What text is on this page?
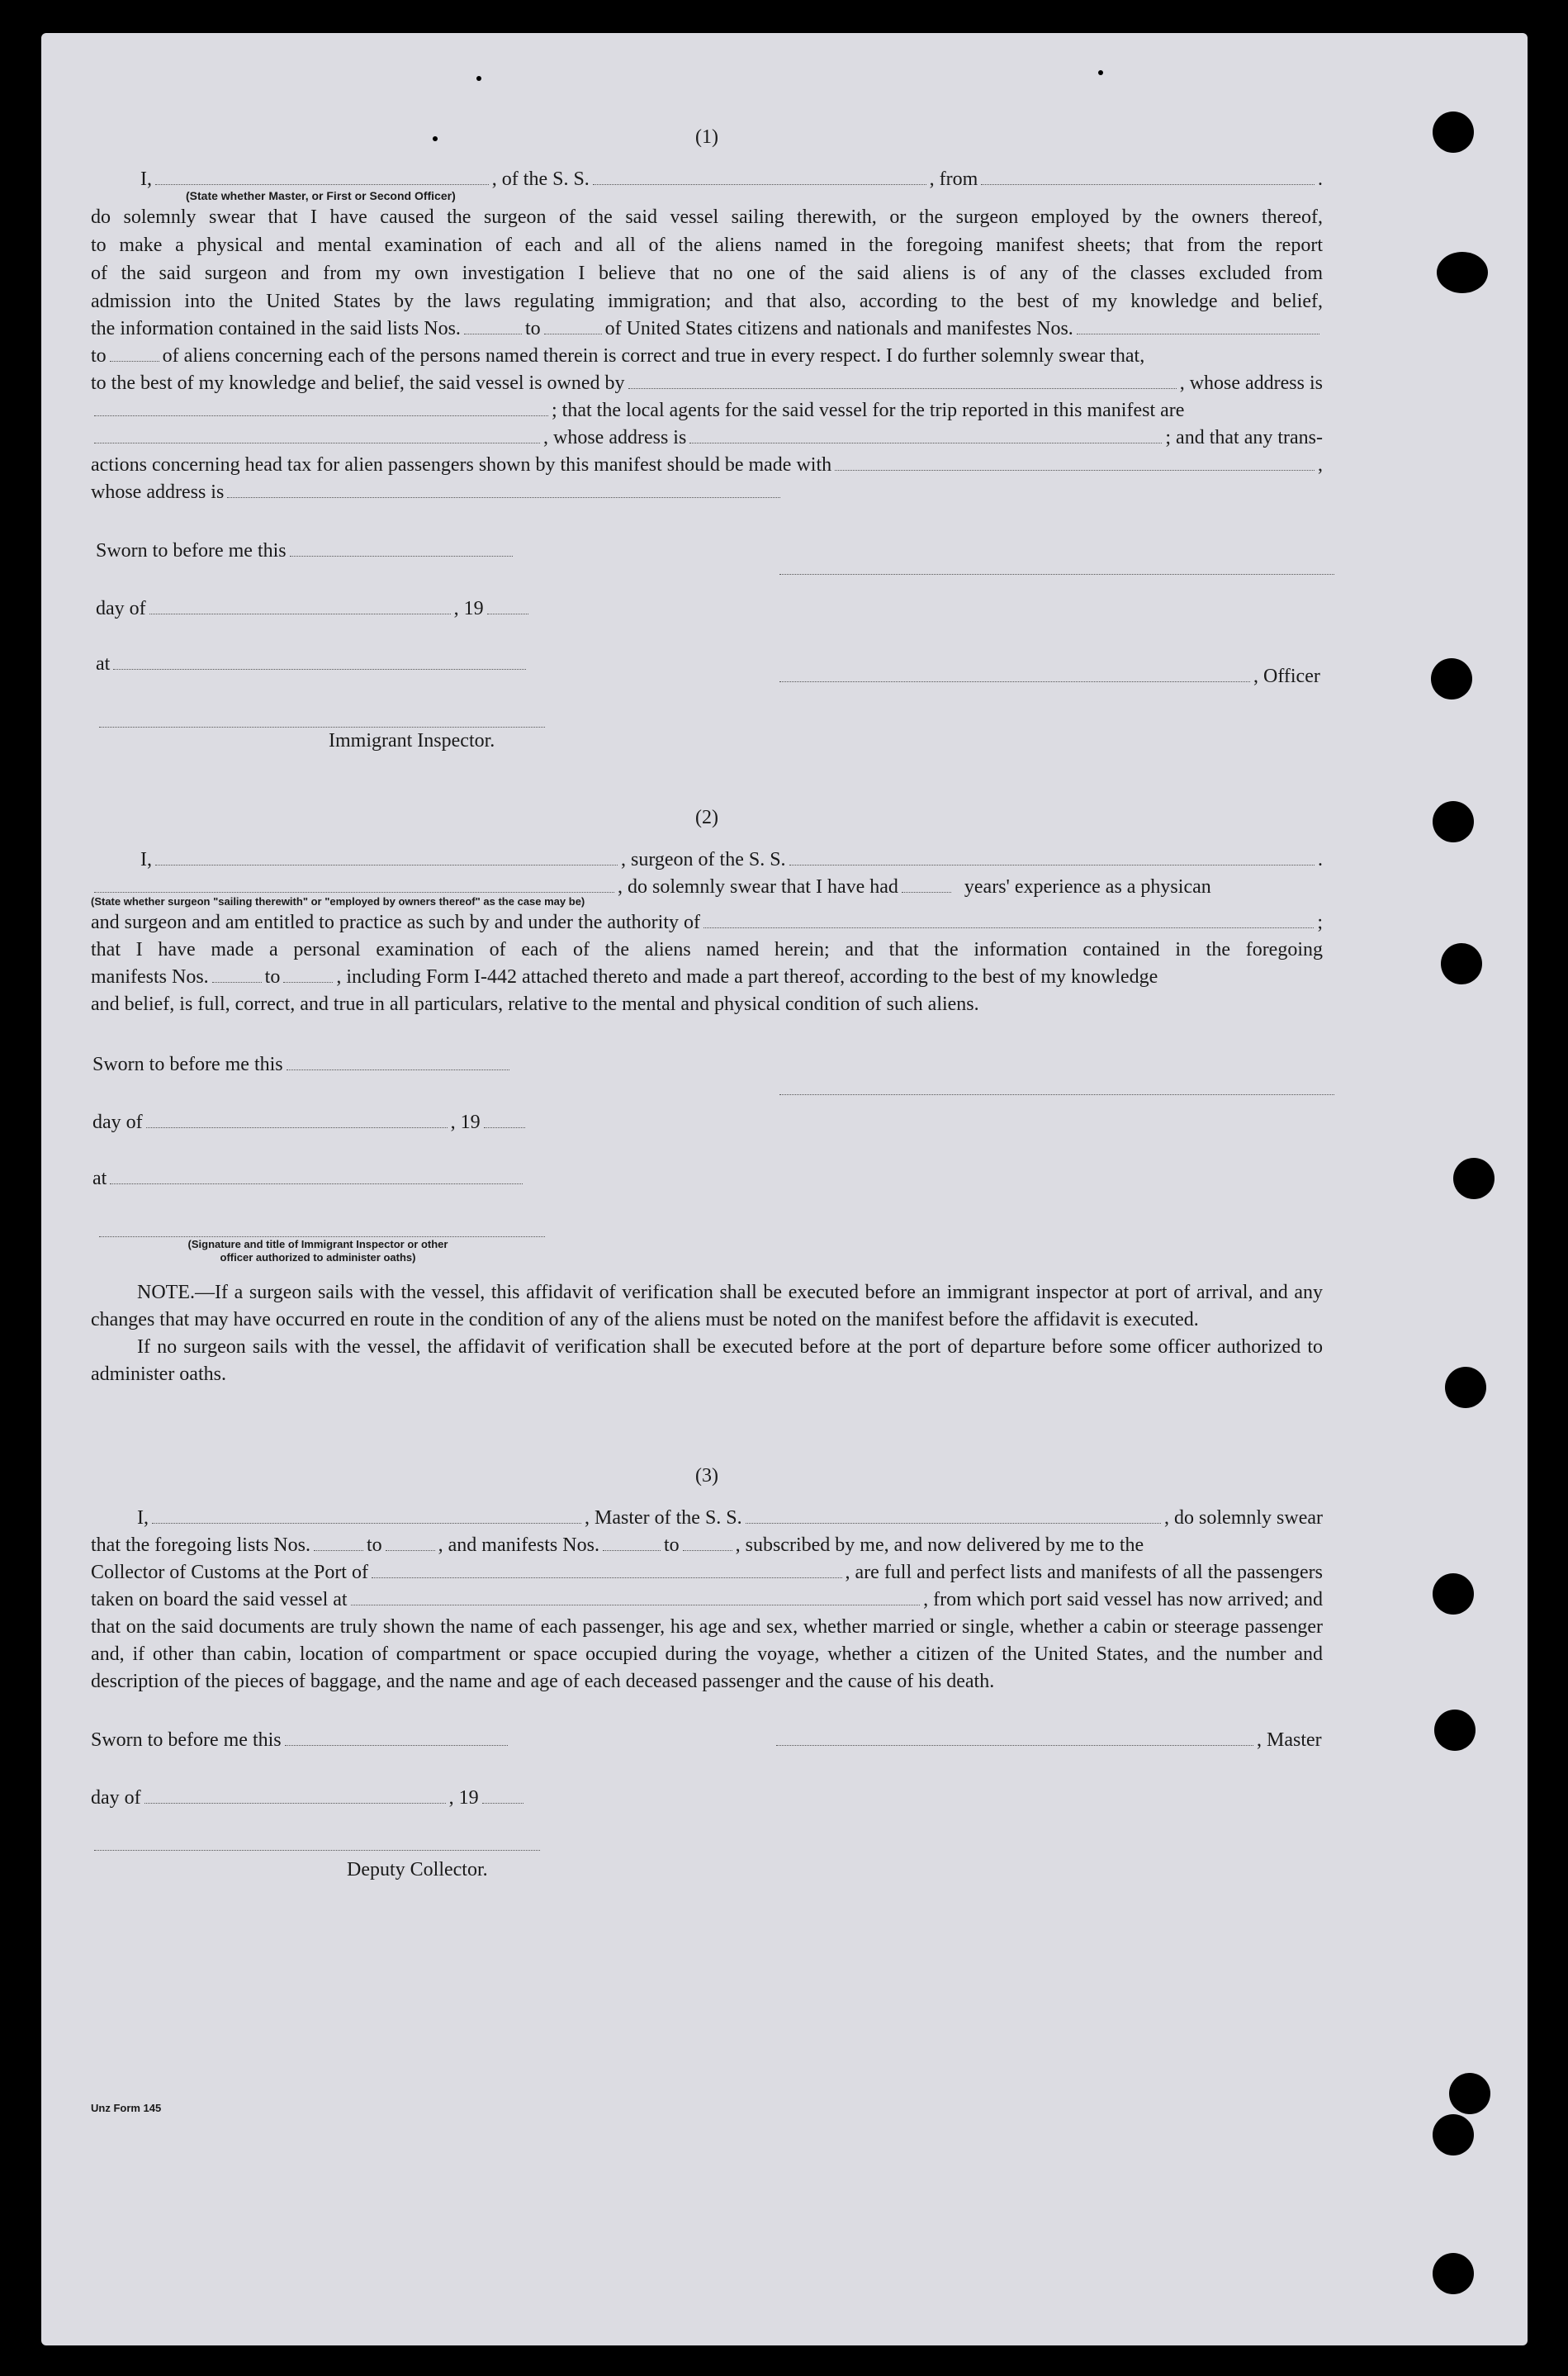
(1)
I,	, of the S. S.	, from	.
(State whether Master, or First or Second Officer)
do solemnly swear that I have caused the surgeon of the said vessel sailing therewith, or the surgeon employed by the owners thereof,
to make a physical and mental examination of each and all of the aliens named in the foregoing manifest sheets; that from the report
of the said surgeon and from my own investigation I believe that no one of the said aliens is of any of the classes excluded from
admission into the United States by the laws regulating immigration; and that also, according to the best of my knowledge and belief,
the information contained in the said lists Nos.	to	of United States citizens and nationals and manifestes Nos.
to	of aliens concerning each of the persons named therein is correct and true in every respect. I do further solemnly swear that,
to the best of my knowledge and belief, the said vessel is owned by	, whose address is
; that the local agents for the said vessel for the trip reported in this manifest are
, whose address is	; and that any trans-
actions concerning head tax for alien passengers shown by this manifest should be made with	,
whose address is
Sworn to before me this
day of	, 19
at
, Officer
Immigrant Inspector.
(2)
I,	, surgeon of the S. S.	.
, do solemnly swear that I have had	years' experience as a physican
(State whether surgeon "sailing therewith" or "employed by owners thereof" as the case may be)
and surgeon and am entitled to practice as such by and under the authority of	;
that I have made a personal examination of each of the aliens named herein; and that the information contained in the foregoing
manifests Nos.	to	, including Form I-442 attached thereto and made a part thereof, according to the best of my knowledge
and belief, is full, correct, and true in all particulars, relative to the mental and physical condition of such aliens.
Sworn to before me this
day of	, 19
at
(Signature and title of Immigrant Inspector or other
officer authorized to administer oaths)

NOTE.—If a surgeon sails with the vessel, this affidavit of verification shall be executed before an immigrant inspector at port of arrival, and any changes that may have occurred en route in the condition of any of the aliens must be noted on the manifest before the affidavit is executed.

If no surgeon sails with the vessel, the affidavit of verification shall be executed before at the port of departure before some officer authorized to administer oaths.

(3)
I,	, Master of the S. S.	, do solemnly swear
that the foregoing lists Nos.	to	, and manifests Nos.	to	, subscribed by me, and now delivered by me to the
Collector of Customs at the Port of	, are full and perfect lists and manifests of all the passengers
taken on board the said vessel at	, from which port said vessel has now arrived; and
that on the said documents are truly shown the name of each passenger, his age and sex, whether married or single, whether a cabin or steerage passenger and, if other than cabin, location of compartment or space occupied during the voyage, whether a citizen of the United States, and the number and description of the pieces of baggage, and the name and age of each deceased passenger and the cause of his death.
Sworn to before me this	, Master
day of	, 19
Deputy Collector.
Unz Form 145
